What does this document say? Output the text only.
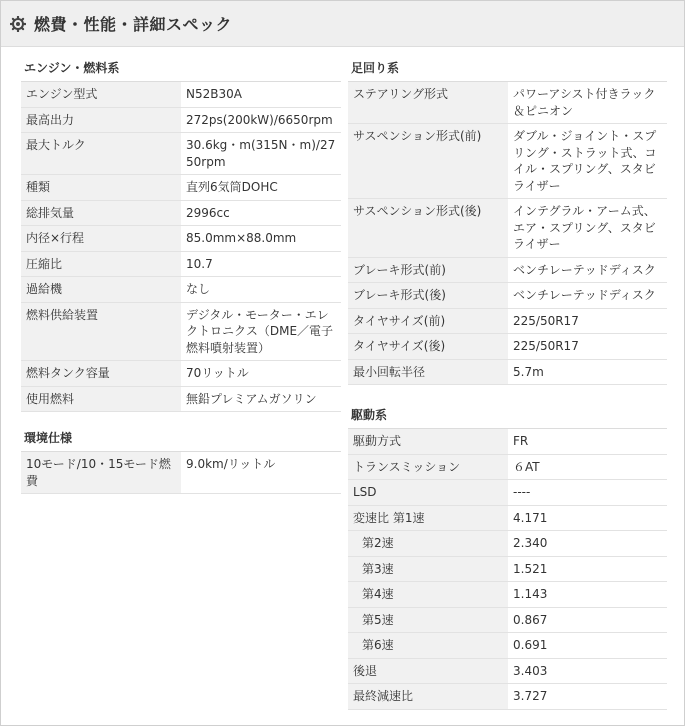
燃費・性能・詳細スペック
エンジン・燃料系
エンジン型式	N52B30A
最高出力	272ps(200kW)/6650rpm
最大トルク	30.6kg・m(315N・m)/2750rpm
種類	直列6気筒DOHC
総排気量	2996cc
内径×行程	85.0mm×88.0mm
圧縮比	10.7
過給機	なし
燃料供給装置	デジタル・モーター・エレクトロニクス（DME／電子燃料噴射装置）
燃料タンク容量	70リットル
使用燃料	無鉛プレミアムガソリン
環境仕様
10モード/10・15モード燃費	9.0km/リットル
足回り系
ステアリング形式	パワーアシスト付きラック＆ピニオン
サスペンション形式(前)	ダブル・ジョイント・スプリング・ストラット式、コイル・スプリング、スタビライザー
サスペンション形式(後)	インテグラル・アーム式、エア・スプリング、スタビライザー
ブレーキ形式(前)	ベンチレーテッドディスク
ブレーキ形式(後)	ベンチレーテッドディスク
タイヤサイズ(前)	225/50R17
タイヤサイズ(後)	225/50R17
最小回転半径	5.7m
駆動系
駆動方式	FR
トランスミッション	６AT
LSD	----
変速比 第1速	4.171
第2速	2.340
第3速	1.521
第4速	1.143
第5速	0.867
第6速	0.691
後退	3.403
最終減速比	3.727
